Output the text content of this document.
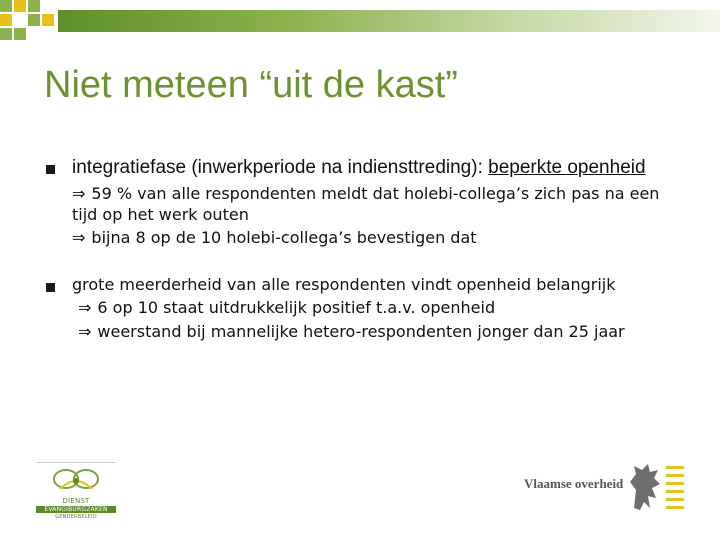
Niet meteen “uit de kast”
integratiefase (inwerkperiode na indiensttreding): beperkte openheid
⇒ 59 % van alle respondenten meldt dat holebi-collega’s zich pas na een
tijd op het werk outen
⇒ bijna 8 op de 10 holebi-collega’s bevestigen dat
grote meerderheid van alle respondenten vindt openheid belangrijk
⇒ 6 op 10 staat uitdrukkelijk positief t.a.v. openheid
⇒ weerstand bij mannelijke hetero-respondenten jonger dan 25 jaar
DIENST
EVANGIBURGZAKEN
GENDERBELEID
Vlaamse overheid
